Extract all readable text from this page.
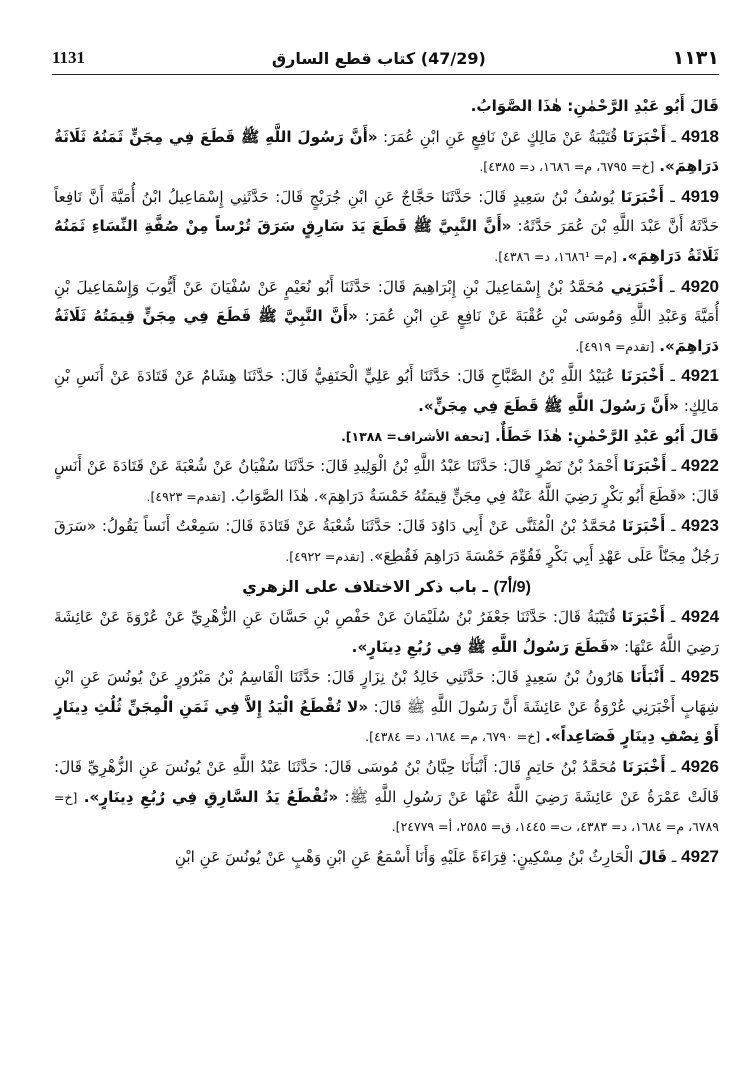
1131	(47/29) كتاب قطع السارق	١١٣١

قَالَ أَبُو عَبْدِ الرَّحْمٰنِ: هٰذَا الصَّوَابُ.

4918 ـ أَخْبَرَنَا قُتَيْبَةُ عَنْ مَالِكٍ عَنْ نَافِعٍ عَنِ ابْنِ عُمَرَ: «أَنَّ رَسُولَ اللَّهِ ﷺ قَطَعَ فِي مِجَنٍّ ثَمَنُهُ ثَلَاثَةُ دَرَاهِمَ». [خ= ٦٧٩٥، م= ١٦٨٦، د= ٤٣٨٥].

4919 ـ أَخْبَرَنَا يُوسُفُ بْنُ سَعِيدٍ قَالَ: حَدَّثَنَا حَجَّاجٌ عَنِ ابْنِ جُرَيْجٍ قَالَ: حَدَّثَنِي إِسْمَاعِيلُ ابْنُ أُمَيَّةَ أَنَّ نَافِعاً حَدَّثَهُ أَنَّ عَبْدَ اللَّهِ بْنَ عُمَرَ حَدَّثَهُ: «أَنَّ النَّبِيَّ ﷺ قَطَعَ يَدَ سَارِقٍ سَرَقَ تُرْساً مِنْ صُفَّةِ النِّسَاءِ ثَمَنُهُ ثَلَاثَةُ دَرَاهِمَ». [م= ١٦٨٦¹، د= ٤٣٨٦].

4920 ـ أَخْبَرَنِي مُحَمَّدُ بْنُ إِسْمَاعِيلَ بْنِ إِبْرَاهِيمَ قَالَ: حَدَّثَنَا أَبُو نُعَيْمٍ عَنْ سُفْيَانَ عَنْ أَيُّوبَ وَإِسْمَاعِيلَ بْنِ أُمَيَّةَ وَعَبْدِ اللَّهِ وَمُوسَى بْنِ عُقْبَةَ عَنْ نَافِعٍ عَنِ ابْنِ عُمَرَ: «أَنَّ النَّبِيَّ ﷺ قَطَعَ فِي مِجَنٍّ قِيمَتُهُ ثَلَاثَةُ دَرَاهِمَ». [تقدم= ٤٩١٩].

4921 ـ أَخْبَرَنَا عُبَيْدُ اللَّهِ بْنُ الصَّبَّاحِ قَالَ: حَدَّثَنَا أَبُو عَلِيٍّ الْحَنَفِيُّ قَالَ: حَدَّثَنَا هِشَامٌ عَنْ قَتَادَةَ عَنْ أَنَسِ بْنِ مَالِكٍ: «أَنَّ رَسُولَ اللَّهِ ﷺ قَطَعَ فِي مِجَنٍّ».

قَالَ أَبُو عَبْدِ الرَّحْمٰنِ: هٰذَا خَطَأٌ. [تحفة الأشراف= ١٣٨٨].

4922 ـ أَخْبَرَنَا أَحْمَدُ بْنُ نَصْرٍ قَالَ: حَدَّثَنَا عَبْدُ اللَّهِ بْنُ الْوَلِيدِ قَالَ: حَدَّثَنَا سُفْيَانُ عَنْ شُعْبَةَ عَنْ قَتَادَةَ عَنْ أَنَسٍ قَالَ: «قَطَعَ أَبُو بَكْرٍ رَضِيَ اللَّهُ عَنْهُ فِي مِجَنٍّ قِيمَتُهُ خَمْسَةُ دَرَاهِمَ». هٰذَا الصَّوَابُ. [تقدم= ٤٩٢٣].

4923 ـ أَخْبَرَنَا مُحَمَّدُ بْنُ الْمُثَنَّى عَنْ أَبِي دَاوُدَ قَالَ: حَدَّثَنَا شُعْبَةُ عَنْ قَتَادَةَ قَالَ: سَمِعْتُ أَنَساً يَقُولُ: «سَرَقَ رَجُلٌ مِجَنّاً عَلَى عَهْدِ أَبِي بَكْرٍ فَقُوِّمَ خَمْسَةَ دَرَاهِمَ فَقُطِعَ». [تقدم= ٤٩٢٢].

(9/أ7) ـ باب ذكر الاختلاف على الزهري

4924 ـ أَخْبَرَنَا قُتَيْبَةُ قَالَ: حَدَّثَنَا جَعْفَرُ بْنُ سُلَيْمَانَ عَنْ حَفْصِ بْنِ حَسَّانَ عَنِ الزُّهْرِيِّ عَنْ عُرْوَةَ عَنْ عَائِشَةَ رَضِيَ اللَّهُ عَنْهَا: «قَطَعَ رَسُولُ اللَّهِ ﷺ فِي رُبُعِ دِينَارٍ».

4925 ـ أَنْبَأَنَا هَارُونُ بْنُ سَعِيدٍ قَالَ: حَدَّثَنِي خَالِدُ بْنُ نِزَارٍ قَالَ: حَدَّثَنَا الْقَاسِمُ بْنُ مَبْرُورٍ عَنْ يُونُسَ عَنِ ابْنِ شِهَابٍ أَخْبَرَنِي عُرْوَةُ عَنْ عَائِشَةَ أَنَّ رَسُولَ اللَّهِ ﷺ قَالَ: «لا تُقْطَعُ الْيَدُ إِلاَّ فِي ثَمَنِ الْمِجَنِّ ثُلُثِ دِينَارٍ أَوْ نِصْفِ دِينَارٍ فَصَاعِداً». [خ= ٦٧٩٠، م= ١٦٨٤، د= ٤٣٨٤].

4926 ـ أَخْبَرَنَا مُحَمَّدُ بْنُ حَاتِمٍ قَالَ: أَنْبَأَنَا حِبَّانُ بْنُ مُوسَى قَالَ: حَدَّثَنَا عَبْدُ اللَّهِ عَنْ يُونُسَ عَنِ الزُّهْرِيِّ قَالَ: قَالَتْ عَمْرَةُ عَنْ عَائِشَةَ رَضِيَ اللَّهُ عَنْهَا عَنْ رَسُولِ اللَّهِ ﷺ: «تُقْطَعُ يَدُ السَّارِقِ فِي رُبُعِ دِينَارٍ». [خ= ٦٧٨٩، م= ١٦٨٤، د= ٤٣٨٣، ت= ١٤٤٥، ق= ٢٥٨٥، أ= ٢٤٧٧٩].

4927 ـ قَالَ الْحَارِثُ بْنُ مِسْكِينٍ: قِرَاءَةً عَلَيْهِ وَأَنَا أَسْمَعُ عَنِ ابْنِ وَهْبٍ عَنْ يُونُسَ عَنِ ابْنِ
